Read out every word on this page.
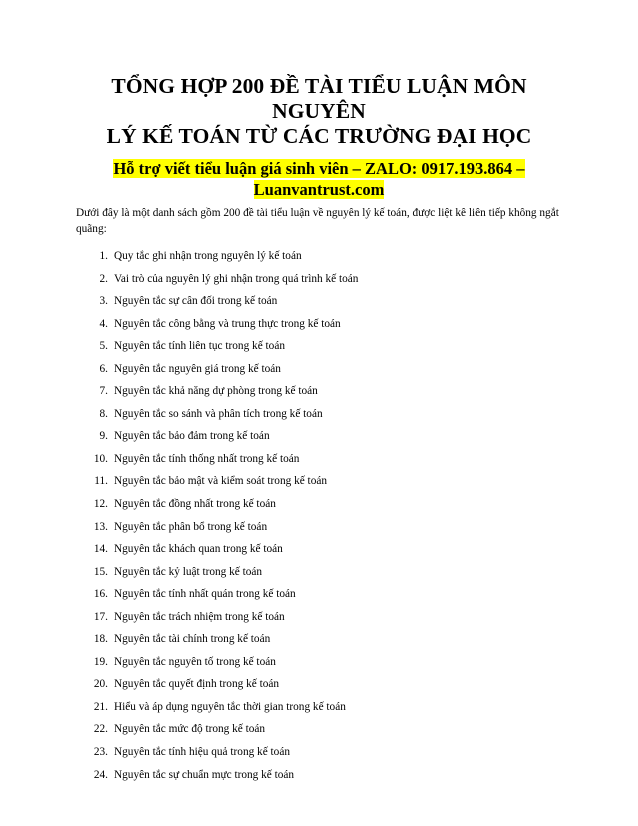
TỔNG HỢP 200 ĐỀ TÀI TIỂU LUẬN MÔN NGUYÊN
LÝ KẾ TOÁN TỪ CÁC TRƯỜNG ĐẠI HỌC

Hỗ trợ viết tiểu luận giá sinh viên – ZALO: 0917.193.864 –
Luanvantrust.com

Dưới đây là một danh sách gồm 200 đề tài tiểu luận về nguyên lý kế toán, được liệt kê liên tiếp không ngắt quãng:

1. Quy tắc ghi nhận trong nguyên lý kế toán
2. Vai trò của nguyên lý ghi nhận trong quá trình kế toán
3. Nguyên tắc sự cân đối trong kế toán
4. Nguyên tắc công bằng và trung thực trong kế toán
5. Nguyên tắc tính liên tục trong kế toán
6. Nguyên tắc nguyên giá trong kế toán
7. Nguyên tắc khả năng dự phòng trong kế toán
8. Nguyên tắc so sánh và phân tích trong kế toán
9. Nguyên tắc bảo đảm trong kế toán
10. Nguyên tắc tính thống nhất trong kế toán
11. Nguyên tắc bảo mật và kiểm soát trong kế toán
12. Nguyên tắc đồng nhất trong kế toán
13. Nguyên tắc phân bổ trong kế toán
14. Nguyên tắc khách quan trong kế toán
15. Nguyên tắc kỷ luật trong kế toán
16. Nguyên tắc tính nhất quán trong kế toán
17. Nguyên tắc trách nhiệm trong kế toán
18. Nguyên tắc tài chính trong kế toán
19. Nguyên tắc nguyên tố trong kế toán
20. Nguyên tắc quyết định trong kế toán
21. Hiểu và áp dụng nguyên tắc thời gian trong kế toán
22. Nguyên tắc mức độ trong kế toán
23. Nguyên tắc tính hiệu quả trong kế toán
24. Nguyên tắc sự chuẩn mực trong kế toán
